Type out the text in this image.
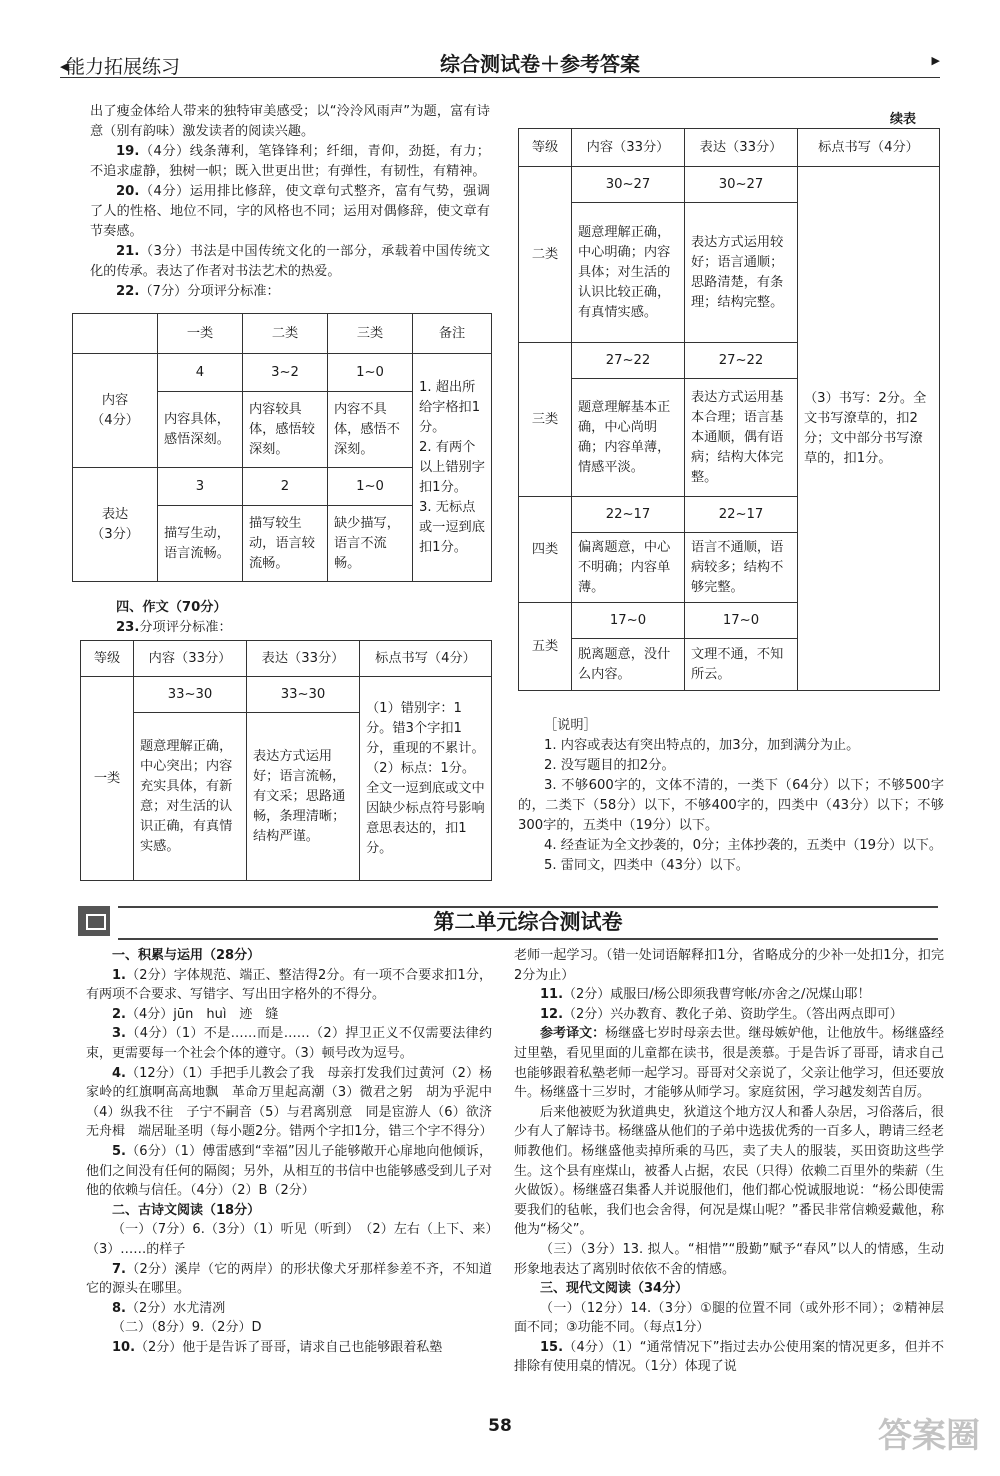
◀
能力拓展练习	综合测试卷＋参考答案	▶

出了瘦金体给人带来的独特审美感受；以“泠泠风雨声”为题，富有诗意（别有韵味）激发读者的阅读兴趣。

19.（4分）线条薄利，笔锋锋利；纤细，青仰，劲挺，有力；不追求虚静，独树一帜；既入世更出世；有弹性，有韧性，有精神。

20.（4分）运用排比修辞，使文章句式整齐，富有气势，强调了人的性格、地位不同，字的风格也不同；运用对偶修辞，使文章有节奏感。

21.（3分）书法是中国传统文化的一部分，承载着中国传统文化的传承。表达了作者对书法艺术的热爱。

22.（7分）分项评分标准：

	一类	二类	三类	备注
内容
（4分）	4	3~2	1~0	1. 超出所给字格扣1分。
2. 有两个以上错别字扣1分。
3. 无标点或一逗到底扣1分。
	内容具体，感悟深刻。	内容较具体，感悟较深刻。	内容不具体，感悟不深刻。	
表达
（3分）	3	2	1~0	
	描写生动，语言流畅。	描写较生动，语言较流畅。	缺少描写，语言不流畅。	

四、作文（70分）

23.分项评分标准：

等级	内容（33分）	表达（33分）	标点书写（4分）
一类	33~30	33~30	（1）错别字：1分。错3个字扣1分，重现的不累计。
（2）标点：1分。全文一逗到底或文中因缺少标点符号影响意思表达的，扣1分。
	题意理解正确，中心突出；内容充实具体，有新意；对生活的认识正确，有真情实感。	表达方式运用好；语言流畅，有文采；思路通畅，条理清晰；结构严谨。	
续表
等级	内容（33分）	表达（33分）	标点书写（4分）
二类	30~27	30~27	（3）书写：2分。全文书写潦草的，扣2分；文中部分书写潦草的，扣1分。
	题意理解正确，中心明确；内容具体；对生活的认识比较正确，有真情实感。	表达方式运用较好；语言通顺；思路清楚，有条理；结构完整。	
三类	27~22	27~22	
	题意理解基本正确，中心尚明确；内容单薄，情感平淡。	表达方式运用基本合理；语言基本通顺，偶有语病；结构大体完整。	
四类	22~17	22~17	
	偏离题意，中心不明确；内容单薄。	语言不通顺，语病较多；结构不够完整。	
五类	17~0	17~0	
	脱离题意，没什么内容。	文理不通，不知所云。	

［说明］

1. 内容或表达有突出特点的，加3分，加到满分为止。

2. 没写题目的扣2分。

3. 不够600字的，文体不清的，一类下（64分）以下；不够500字的，二类下（58分）以下，不够400字的，四类中（43分）以下；不够300字的，五类中（19分）以下。

4. 经查证为全文抄袭的，0分；主体抄袭的，五类中（19分）以下。

5. 雷同文，四类中（43分）以下。

第二单元综合测试卷

一、积累与运用（28分）

1.（2分）字体规范、端正、整洁得2分。有一项不合要求扣1分，有两项不合要求、写错字、写出田字格外的不得分。

2.（4分）jūn　huì　迹　缝

3.（4分）（1）不是……而是……（2）捍卫正义不仅需要法律约束，更需要每一个社会个体的遵守。（3）顿号改为逗号。

4.（12分）（1）手把手儿教会了我　母亲打发我们过黄河（2）杨家岭的红旗啊高高地飘　革命万里起高潮（3）微君之躬　胡为乎泥中（4）纵我不往　子宁不嗣音（5）与君离别意　同是宦游人（6）欲济无舟楫　端居耻圣明（每小题2分。错两个字扣1分，错三个字不得分）

5.（6分）（1）傅雷感到“幸福”因儿子能够敞开心扉地向他倾诉，他们之间没有任何的隔阂；另外，从相互的书信中也能够感受到儿子对他的依赖与信任。（4分）（2）B（2分）

二、古诗文阅读（18分）

（一）（7分）6.（3分）（1）听见（听到）　（2）左右（上下、来）　（3）……的样子

7.（2分）溪岸（它的两岸）的形状像犬牙那样参差不齐，不知道它的源头在哪里。

8.（2分）水尤清冽

（二）（8分）9.（2分）D

10.（2分）他于是告诉了哥哥，请求自己也能够跟着私塾

老师一起学习。（错一处词语解释扣1分，省略成分的少补一处扣1分，扣完2分为止）

11.（2分）咸服曰/杨公即须我曹穹帐/亦舍之/况煤山耶！

12.（2分）兴办教育、教化子弟、资助学生。（答出两点即可）

参考译文：杨继盛七岁时母亲去世。继母嫉妒他，让他放牛。杨继盛经过里塾，看见里面的儿童都在读书，很是羡慕。于是告诉了哥哥，请求自己也能够跟着私塾老师一起学习。哥哥对父亲说了，父亲让他学习，但还要放牛。杨继盛十三岁时，才能够从师学习。家庭贫困，学习越发刻苦自厉。

后来他被贬为狄道典史，狄道这个地方汉人和番人杂居，习俗落后，很少有人了解诗书。杨继盛从他们的子弟中选拔优秀的一百多人，聘请三经老师教他们。杨继盛他卖掉所乘的马匹，卖了夫人的服装，买田资助这些学生。这个县有座煤山，被番人占据，农民（只得）依赖二百里外的柴薪（生火做饭）。杨继盛召集番人并说服他们，他们都心悦诚服地说：“杨公即使需要我们的毡帐，我们也会舍得，何况是煤山呢？”番民非常信赖爱戴他，称他为“杨父”。

（三）（3分）13. 拟人。“相惜”“殷勤”赋予“春风”以人的情感，生动形象地表达了离别时依依不舍的情感。

三、现代文阅读（34分）

（一）（12分）14.（3分）①腿的位置不同（或外形不同）；②精神层面不同；③功能不同。（每点1分）

15.（4分）（1）“通常情况下”指过去办公使用案的情况更多，但并不排除有使用桌的情况。（1分）体现了说

58	答案圈
